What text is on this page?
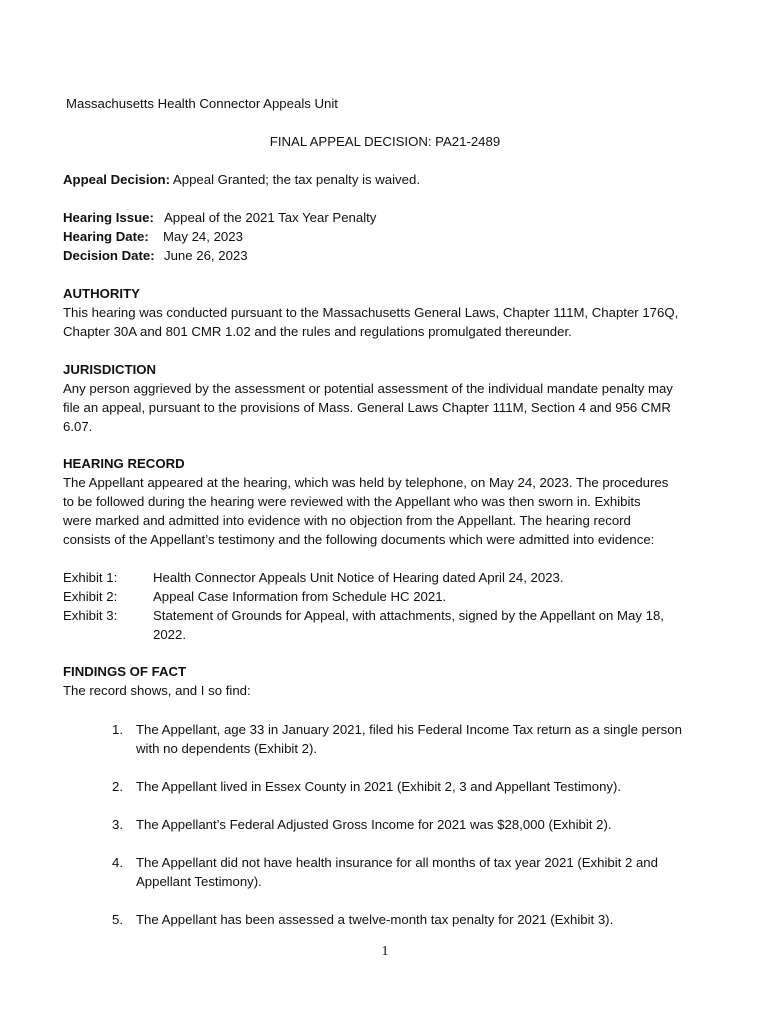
Massachusetts Health Connector Appeals Unit
FINAL APPEAL DECISION: PA21-2489
Appeal Decision: Appeal Granted; the tax penalty is waived.
Hearing Issue: Appeal of the 2021 Tax Year Penalty
Hearing Date: May 24, 2023
Decision Date: June 26, 2023
AUTHORITY
This hearing was conducted pursuant to the Massachusetts General Laws, Chapter 111M, Chapter 176Q,
Chapter 30A and 801 CMR 1.02 and the rules and regulations promulgated thereunder.
JURISDICTION
Any person aggrieved by the assessment or potential assessment of the individual mandate penalty may
file an appeal, pursuant to the provisions of Mass. General Laws Chapter 111M, Section 4 and 956 CMR
6.07.
HEARING RECORD
The Appellant appeared at the hearing, which was held by telephone, on May 24, 2023. The procedures
to be followed during the hearing were reviewed with the Appellant who was then sworn in. Exhibits
were marked and admitted into evidence with no objection from the Appellant. The hearing record
consists of the Appellant’s testimony and the following documents which were admitted into evidence:
Exhibit 1:	Health Connector Appeals Unit Notice of Hearing dated April 24, 2023.
Exhibit 2:	Appeal Case Information from Schedule HC 2021.
Exhibit 3:	Statement of Grounds for Appeal, with attachments, signed by the Appellant on May 18,
2022.
FINDINGS OF FACT
The record shows, and I so find:
1. The Appellant, age 33 in January 2021, filed his Federal Income Tax return as a single person
with no dependents (Exhibit 2).
2. The Appellant lived in Essex County in 2021 (Exhibit 2, 3 and Appellant Testimony).
3. The Appellant’s Federal Adjusted Gross Income for 2021 was $28,000 (Exhibit 2).
4. The Appellant did not have health insurance for all months of tax year 2021 (Exhibit 2 and
Appellant Testimony).
5. The Appellant has been assessed a twelve-month tax penalty for 2021 (Exhibit 3).
1
